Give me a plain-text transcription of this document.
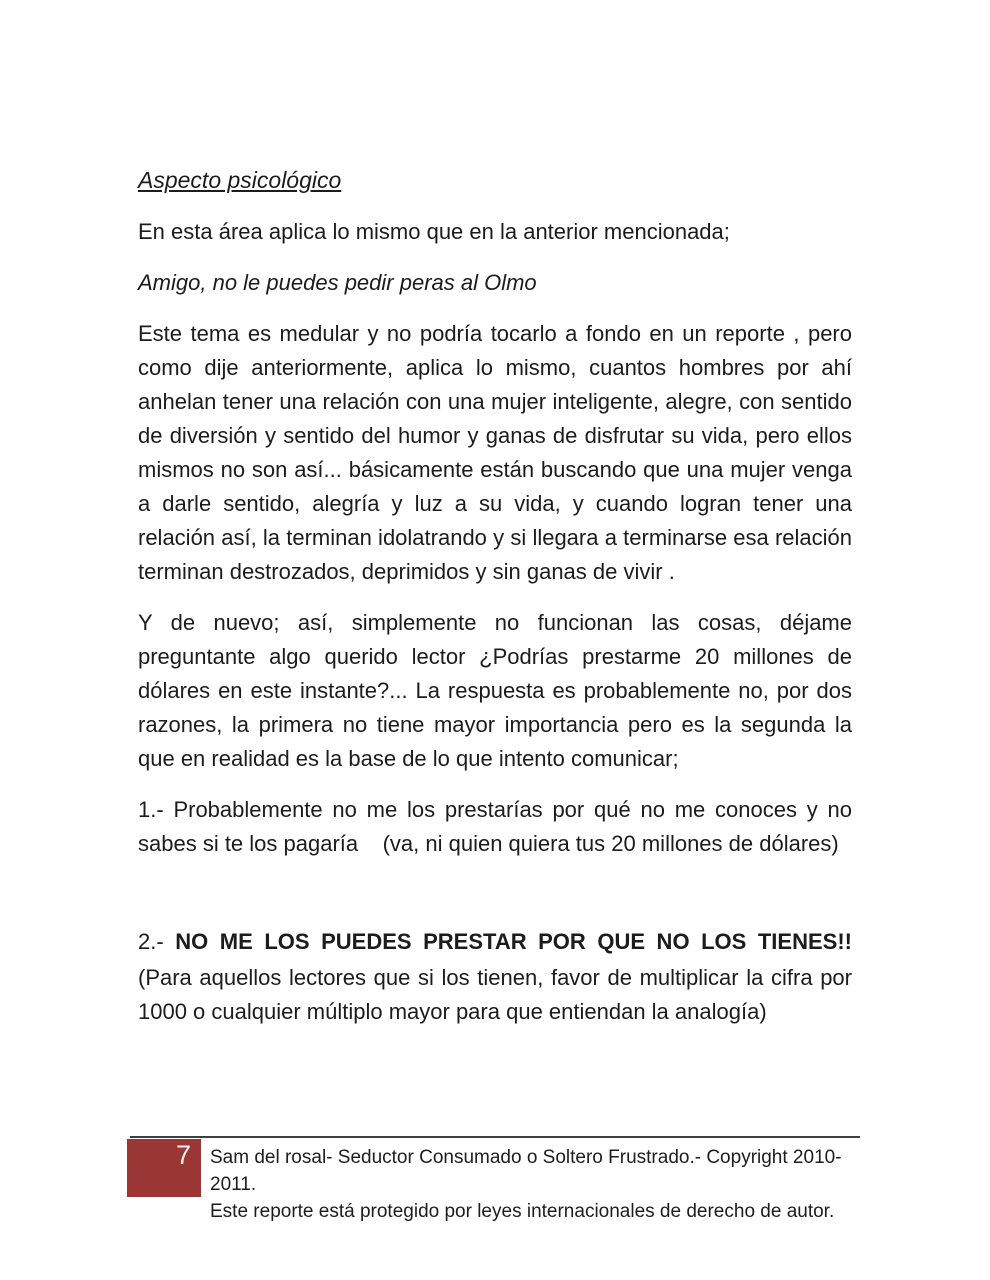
Aspecto psicológico

En esta área aplica lo mismo que en la anterior mencionada;

Amigo, no le puedes pedir peras al Olmo

Este tema es medular y no podría tocarlo a fondo en un reporte , pero como dije anteriormente, aplica lo mismo, cuantos hombres por ahí anhelan tener una relación con una mujer inteligente, alegre, con sentido de diversión y sentido del humor y ganas de disfrutar su vida, pero ellos mismos no son así... básicamente están buscando que una mujer venga a darle sentido, alegría y luz a su vida, y cuando logran tener una relación así, la terminan idolatrando y si llegara a terminarse esa relación terminan destrozados, deprimidos y sin ganas de vivir .

Y de nuevo; así, simplemente no funcionan las cosas, déjame preguntante algo querido lector ¿Podrías prestarme 20 millones de dólares en este instante?... La respuesta es probablemente no, por dos razones, la primera no tiene mayor importancia pero es la segunda la que en realidad es la base de lo que intento comunicar;

1.- Probablemente no me los prestarías por qué no me conoces y no sabes si te los pagaría    (va, ni quien quiera tus 20 millones de dólares)

2.- NO ME LOS PUEDES PRESTAR POR QUE NO LOS TIENES!!

(Para aquellos lectores que si los tienen, favor de multiplicar la cifra por 1000 o cualquier múltiplo mayor para que entiendan la analogía)

7	Sam del rosal- Seductor Consumado o Soltero Frustrado.- Copyright 2010-2011.
Este reporte está protegido por leyes internacionales de derecho de autor.
